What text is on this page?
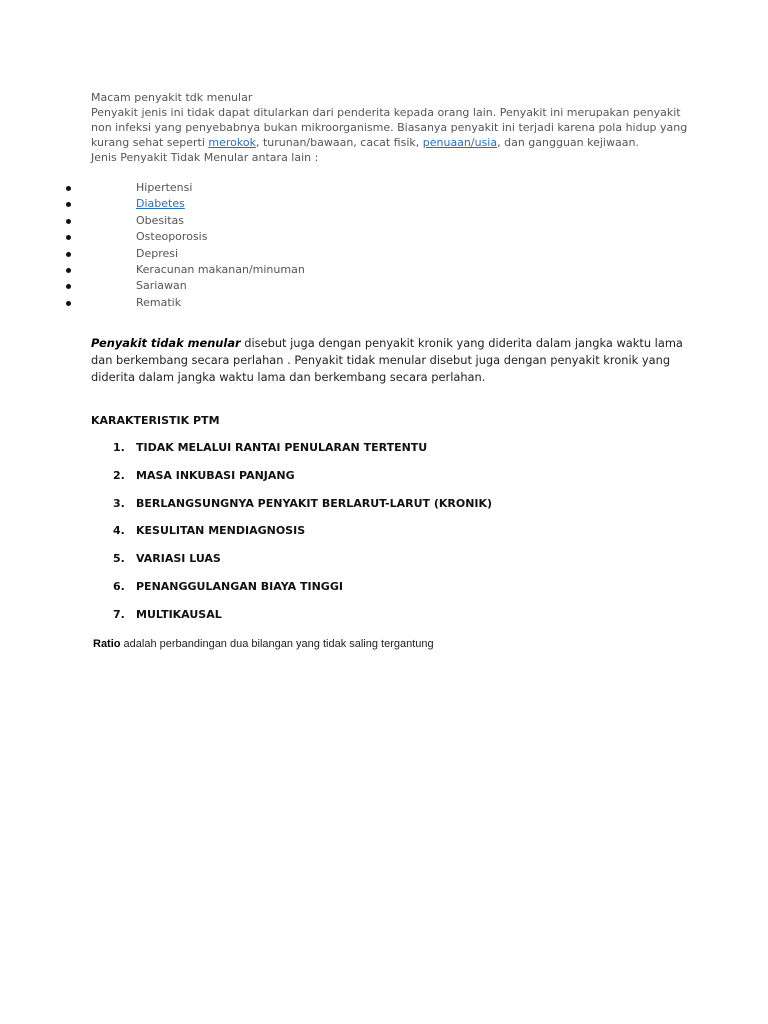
Macam penyakit tdk menular

Penyakit jenis ini tidak dapat ditularkan dari penderita kepada orang lain. Penyakit ini merupakan penyakit non infeksi yang penyebabnya bukan mikroorganisme. Biasanya penyakit ini terjadi karena pola hidup yang kurang sehat seperti merokok, turunan/bawaan, cacat fisik, penuaan/usia, dan gangguan kejiwaan.

Jenis Penyakit Tidak Menular antara lain :

Hipertensi
Diabetes
Obesitas
Osteoporosis
Depresi
Keracunan makanan/minuman
Sariawan
Rematik

Penyakit tidak menular disebut juga dengan penyakit kronik yang diderita dalam jangka waktu lama dan berkembang secara perlahan . Penyakit tidak menular disebut juga dengan penyakit kronik yang diderita dalam jangka waktu lama dan berkembang secara perlahan.

KARAKTERISTIK PTM

1. TIDAK MELALUI RANTAI PENULARAN TERTENTU
2. MASA INKUBASI PANJANG
3. BERLANGSUNGNYA PENYAKIT BERLARUT-LARUT (KRONIK)
4. KESULITAN MENDIAGNOSIS
5. VARIASI LUAS
6. PENANGGULANGAN BIAYA TINGGI
7. MULTIKAUSAL

Ratio adalah perbandingan dua bilangan yang tidak saling tergantung
